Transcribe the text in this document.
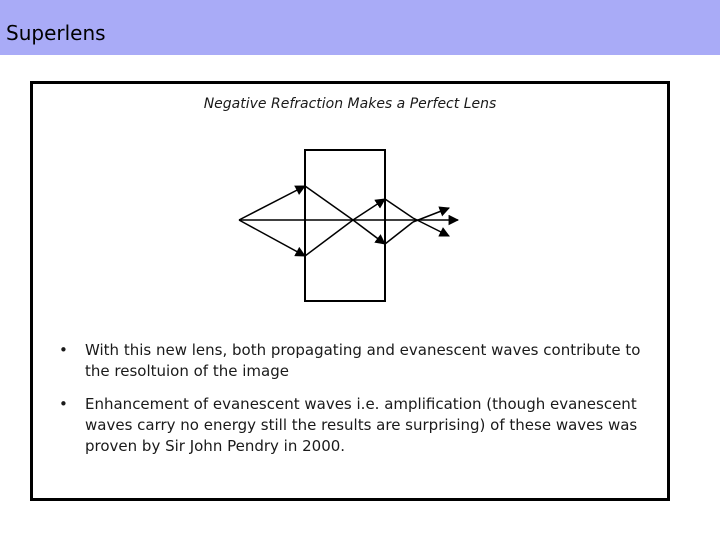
Superlens
Negative Refraction Makes a Perfect Lens
• With this new lens, both propagating and evanescent waves contribute to the resoltuion of the image
• Enhancement of evanescent waves i.e. amplification (though evanescent waves carry no energy still the results are surprising) of these waves was proven by Sir John Pendry in 2000.
